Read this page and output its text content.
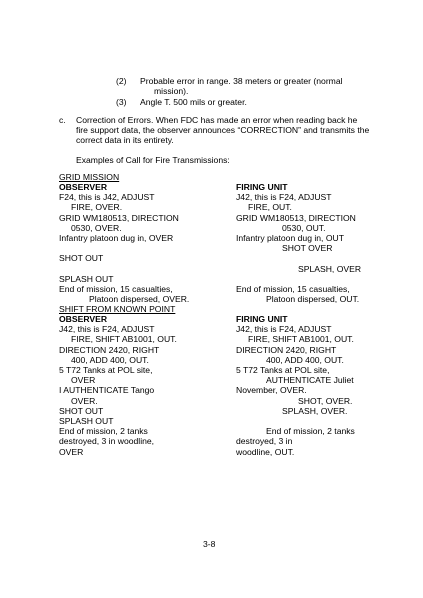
(2) Probable error in range. 38 meters or greater (normal
mission).
(3) Angle T. 500 mils or greater.
c. Correction of Errors. When FDC has made an error when reading back he
fire support data, the observer announces “CORRECTION” and transmits the
correct data in its entirety.
Examples of Call for Fire Transmissions:
GRID MISSION
OBSERVER
F24, this is J42, ADJUST
FIRE, OVER.
GRID WM180513, DIRECTION
0530, OVER.
Infantry platoon dug in, OVER
SHOT OUT
SPLASH OUT
End of mission, 15 casualties,
Platoon dispersed, OVER.
FIRING UNIT
J42, this is F24, ADJUST
FIRE, OUT.
GRID WM180513, DIRECTION
0530, OUT.
Infantry platoon dug in, OUT
SHOT OVER
SPLASH, OVER
End of mission, 15 casualties,
Platoon dispersed, OUT.
SHIFT FROM KNOWN POINT
OBSERVER
J42, this is F24, ADJUST
FIRE, SHIFT AB1001, OUT.
DIRECTION 2420, RIGHT
400, ADD 400, OUT.
5 T72 Tanks at POL site,
OVER
I AUTHENTICATE Tango
OVER.
SHOT OUT
SPLASH OUT
End of mission, 2 tanks
destroyed, 3 in woodline,
OVER
FIRING UNIT
J42, this is F24, ADJUST
FIRE, SHIFT AB1001, OUT.
DIRECTION 2420, RIGHT
400, ADD 400, OUT.
5 T72 Tanks at POL site,
AUTHENTICATE Juliet
November, OVER.
SHOT, OVER.
SPLASH, OVER.
End of mission, 2 tanks
destroyed, 3 in
woodline, OUT.
3-8
